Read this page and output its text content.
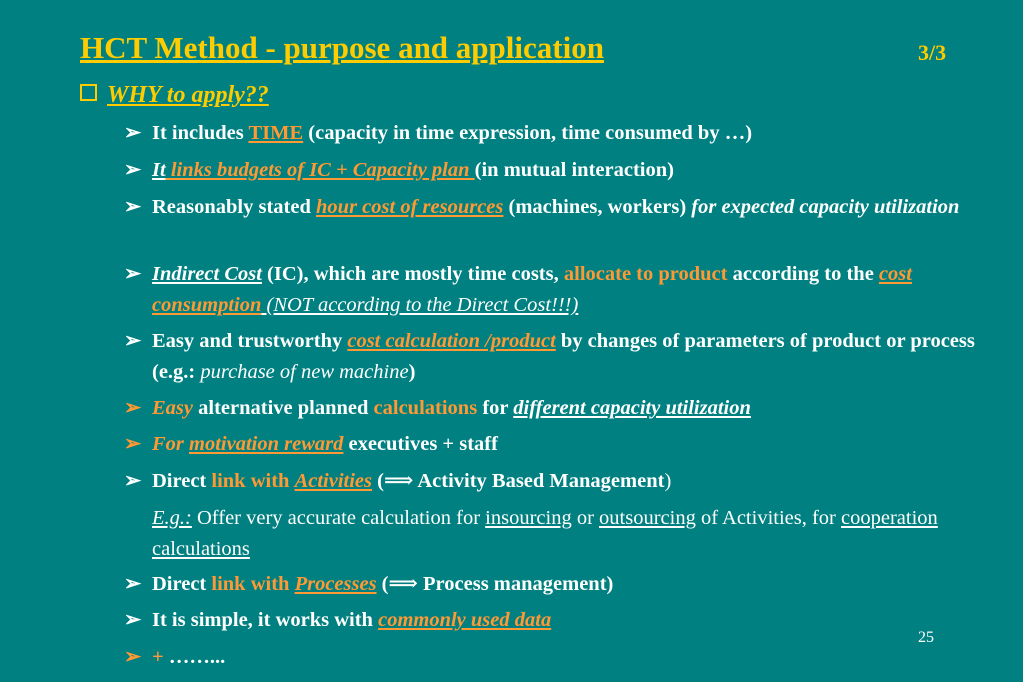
HCT Method - purpose and application	3/3
WHY to apply??
➢ It includes TIME (capacity in time expression, time consumed by …)
➢ It links budgets of IC + Capacity plan (in mutual interaction)
➢ Reasonably stated hour cost of resources (machines, workers) for expected capacity utilization
➢ Indirect Cost (IC), which are mostly time costs, allocate to product according to the cost consumption (NOT according to the Direct Cost!!!)
➢ Easy and trustworthy cost calculation /product by changes of parameters of product or process (e.g.: purchase of new machine)
➢ Easy alternative planned calculations for different capacity utilization
➢ For motivation reward executives + staff
➢ Direct link with Activities (⟹ Activity Based Management)
E.g.: Offer very accurate calculation for insourcing or outsourcing of Activities, for cooperation calculations
➢ Direct link with Processes (⟹ Process management)
➢ It is simple, it works with commonly used data
➢ + ……...
25
